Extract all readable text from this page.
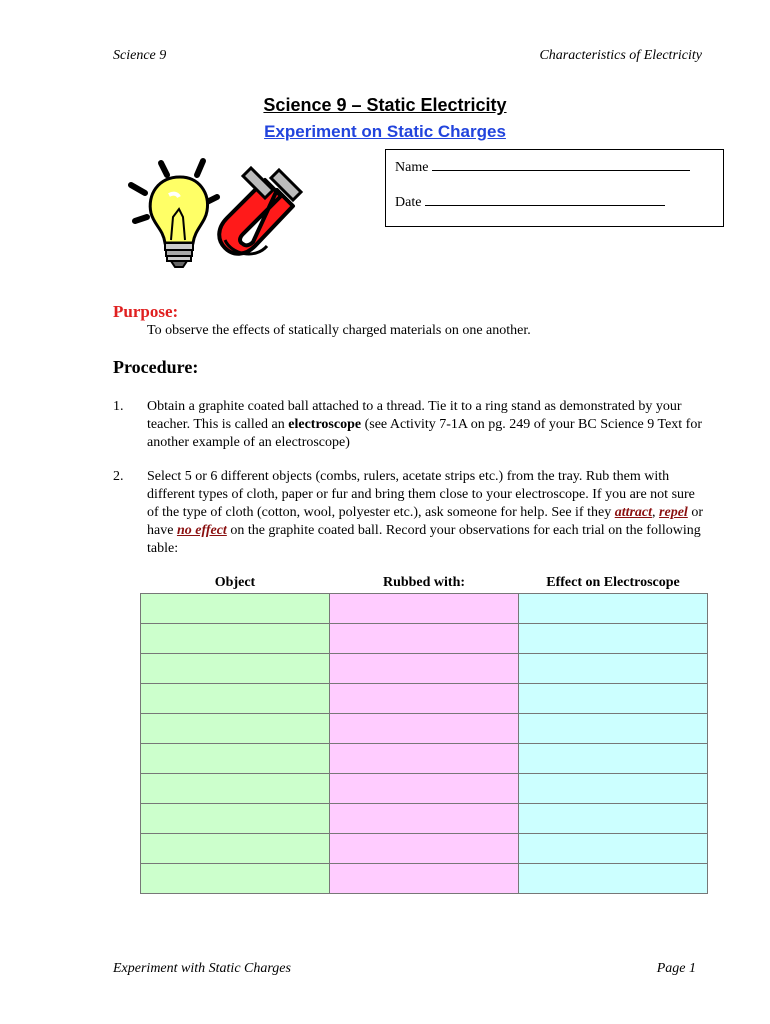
Science 9	Characteristics of Electricity
Science 9 – Static Electricity
Experiment on Static Charges
Name
Date
Purpose:
To observe the effects of statically charged materials on one another.
Procedure:
1. Obtain a graphite coated ball attached to a thread. Tie it to a ring stand as demonstrated by your teacher. This is called an electroscope (see Activity 7-1A on pg. 249 of your BC Science 9 Text for another example of an electroscope)
2. Select 5 or 6 different objects (combs, rulers, acetate strips etc.) from the tray. Rub them with different types of cloth, paper or fur and bring them close to your electroscope. If you are not sure of the type of cloth (cotton, wool, polyester etc.), ask someone for help. See if they attract, repel or have no effect on the graphite coated ball. Record your observations for each trial on the following table:
Object	Rubbed with:	Effect on Electroscope

Experiment with Static Charges	Page 1
